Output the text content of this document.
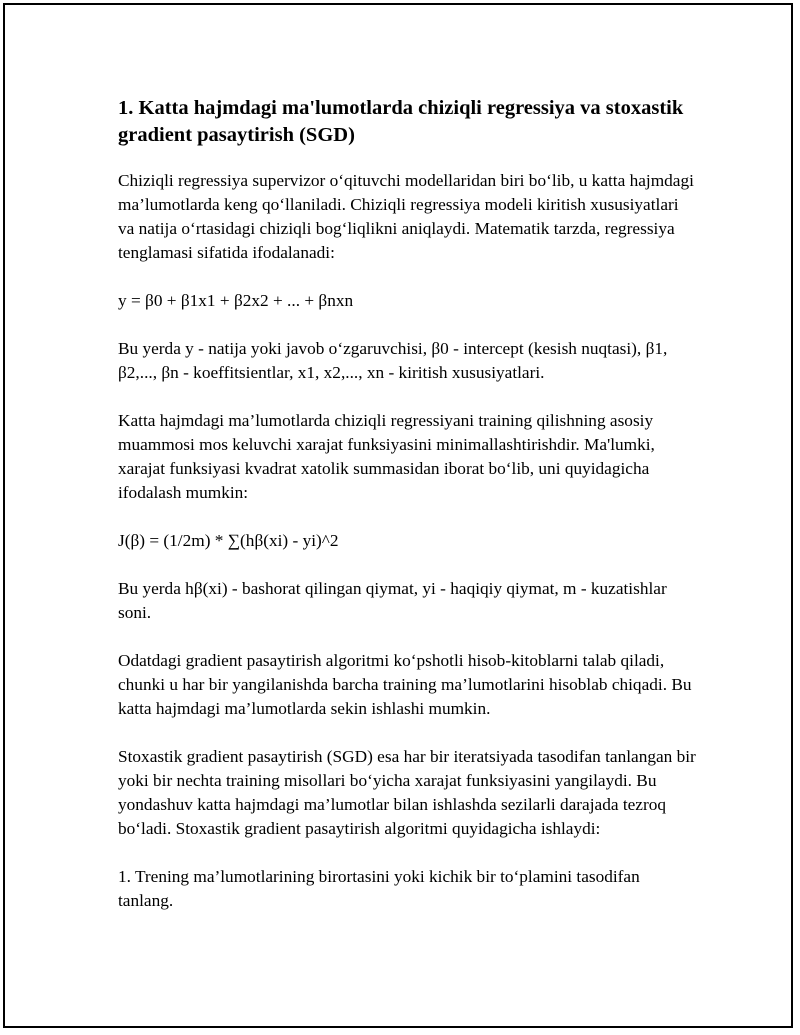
1. Katta hajmdagi ma'lumotlarda chiziqli regressiya va stoxastik gradient pasaytirish (SGD)

Chiziqli regressiya supervizor o‘qituvchi modellaridan biri bo‘lib, u katta hajmdagi ma’lumotlarda keng qo‘llaniladi. Chiziqli regressiya modeli kiritish xususiyatlari va natija o‘rtasidagi chiziqli bog‘liqlikni aniqlaydi. Matematik tarzda, regressiya tenglamasi sifatida ifodalanadi:

y = β0 + β1x1 + β2x2 + ... + βnxn

Bu yerda y - natija yoki javob o‘zgaruvchisi, β0 - intercept (kesish nuqtasi), β1, β2,..., βn - koeffitsientlar, x1, x2,..., xn - kiritish xususiyatlari.

Katta hajmdagi ma’lumotlarda chiziqli regressiyani training qilishning asosiy muammosi mos keluvchi xarajat funksiyasini minimallashtirishdir. Ma'lumki, xarajat funksiyasi kvadrat xatolik summasidan iborat bo‘lib, uni quyidagicha ifodalash mumkin:

J(β) = (1/2m) * ∑(hβ(xi) - yi)^2

Bu yerda hβ(xi) - bashorat qilingan qiymat, yi - haqiqiy qiymat, m - kuzatishlar soni.

Odatdagi gradient pasaytirish algoritmi ko‘pshotli hisob-kitoblarni talab qiladi, chunki u har bir yangilanishda barcha training ma’lumotlarini hisoblab chiqadi. Bu katta hajmdagi ma’lumotlarda sekin ishlashi mumkin.

Stoxastik gradient pasaytirish (SGD) esa har bir iteratsiyada tasodifan tanlangan bir yoki bir nechta training misollari bo‘yicha xarajat funksiyasini yangilaydi. Bu yondashuv katta hajmdagi ma’lumotlar bilan ishlashda sezilarli darajada tezroq bo‘ladi. Stoxastik gradient pasaytirish algoritmi quyidagicha ishlaydi:

1. Trening ma’lumotlarining birortasini yoki kichik bir to‘plamini tasodifan tanlang.
